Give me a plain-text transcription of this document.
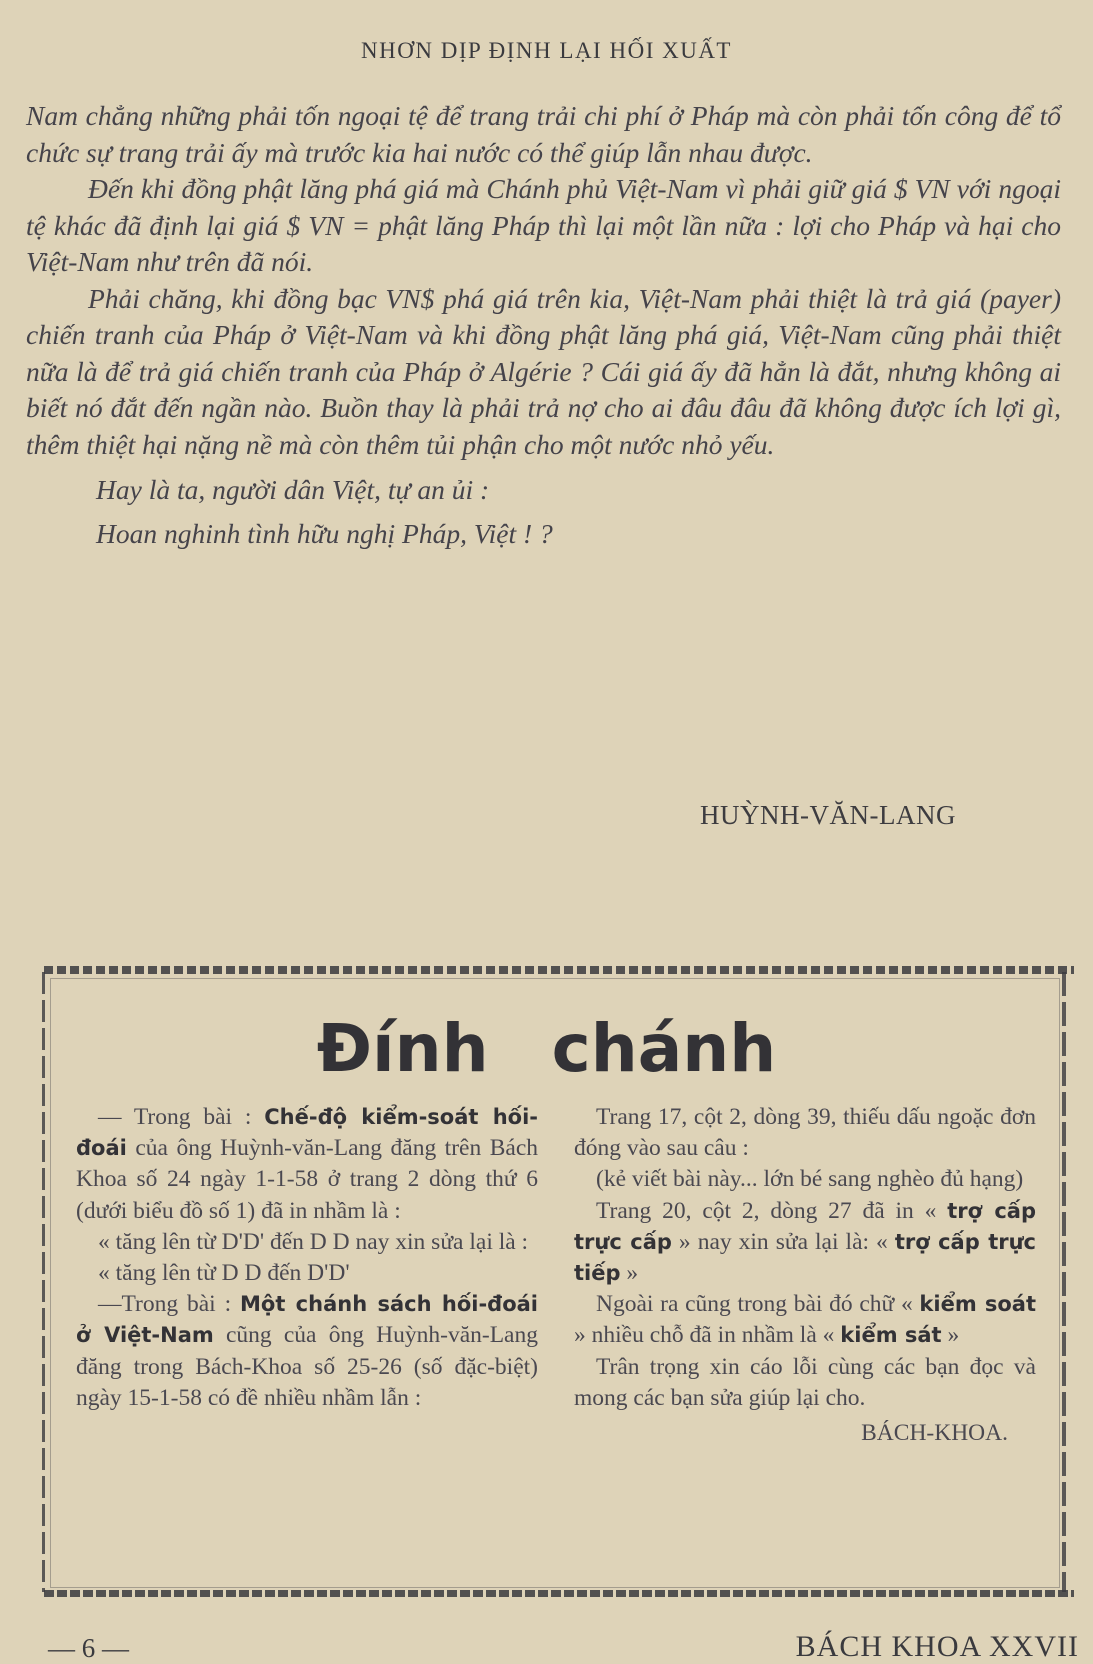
NHƠN DỊP ĐỊNH LẠI HỐI XUẤT

Nam chẳng những phải tốn ngoại tệ để trang trải chi phí ở Pháp mà còn phải tốn công để tổ chức sự trang trải ấy mà trước kia hai nước có thể giúp lẫn nhau được.

Đến khi đồng phật lăng phá giá mà Chánh phủ Việt-Nam vì phải giữ giá $ VN với ngoại tệ khác đã định lại giá $ VN = phật lăng Pháp thì lại một lần nữa : lợi cho Pháp và hại cho Việt-Nam như trên đã nói.

Phải chăng, khi đồng bạc VN$ phá giá trên kia, Việt-Nam phải thiệt là trả giá (payer) chiến tranh của Pháp ở Việt-Nam và khi đồng phật lăng phá giá, Việt-Nam cũng phải thiệt nữa là để trả giá chiến tranh của Pháp ở Algérie ? Cái giá ấy đã hẳn là đắt, nhưng không ai biết nó đắt đến ngần nào. Buồn thay là phải trả nợ cho ai đâu đâu đã không được ích lợi gì, thêm thiệt hại nặng nề mà còn thêm tủi phận cho một nước nhỏ yếu.

Hay là ta, người dân Việt, tự an ủi :
Hoan nghinh tình hữu nghị Pháp, Việt ! ?

HUỲNH-VĂN-LANG
Đính chánh

— Trong bài : Chế-độ kiểm-soát hối-đoái của ông Huỳnh-văn-Lang đăng trên Bách Khoa số 24 ngày 1-1-58 ở trang 2 dòng thứ 6 (dưới biểu đồ số 1) đã in nhầm là :

« tăng lên từ D'D' đến D D nay xin sửa lại là :

« tăng lên từ D D đến D'D'

—Trong bài : Một chánh sách hối-đoái ở Việt-Nam cũng của ông Huỳnh-văn-Lang đăng trong Bách-Khoa số 25-26 (số đặc-biệt) ngày 15-1-58 có đề nhiều nhầm lẫn :

Trang 17, cột 2, dòng 39, thiếu dấu ngoặc đơn đóng vào sau câu :

(kẻ viết bài này... lớn bé sang nghèo đủ hạng)

Trang 20, cột 2, dòng 27 đã in « trợ cấp trực cấp » nay xin sửa lại là: « trợ cấp trực tiếp »

Ngoài ra cũng trong bài đó chữ « kiểm soát » nhiều chỗ đã in nhầm là « kiểm sát »

Trân trọng xin cáo lỗi cùng các bạn đọc và mong các bạn sửa giúp lại cho.

BÁCH-KHOA.

— 6 —	BÁCH KHOA XXVII
